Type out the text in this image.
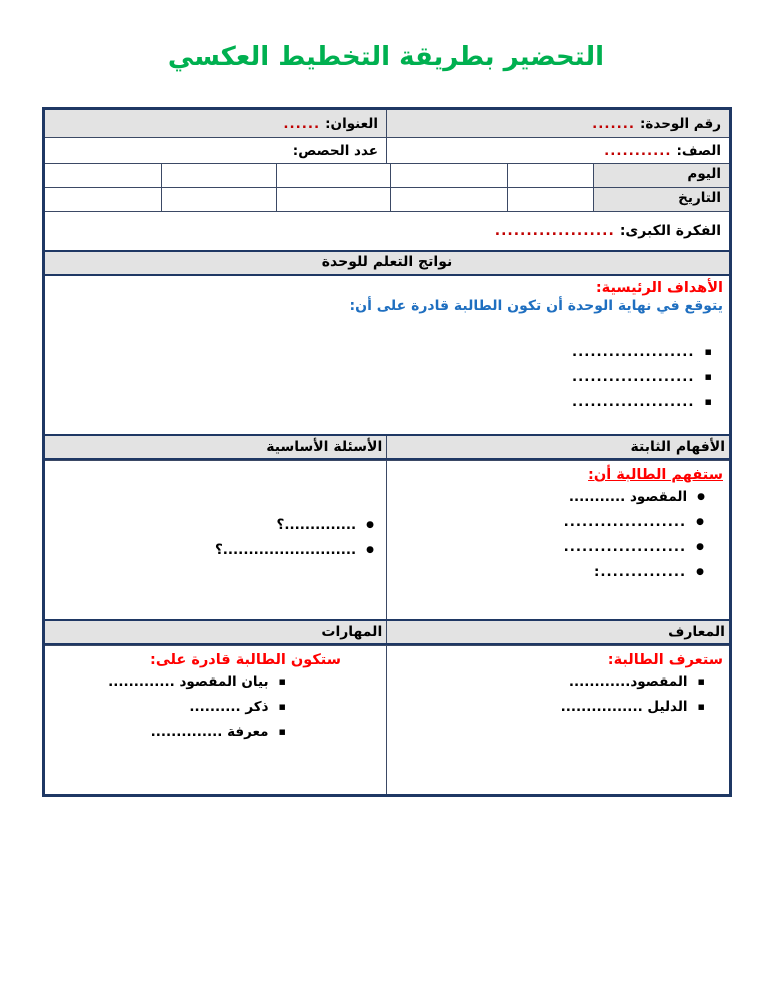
التحضير بطريقة التخطيط العكسي
رقم الوحدة:
.......
العنوان:
......
الصف:
...........
عدد الحصص:
اليوم
التاريخ
الفكرة الكبرى:
...................
نواتج التعلم للوحدة
الأهداف الرئيسية:
يتوقع في نهاية الوحدة أن تكون الطالبة قادرة على أن:
▪ ....................
▪ ....................
▪ ....................
الأفهام الثابتة
الأسئلة الأساسية
ستفهم الطالبة أن:
● المقصود ...........
● ....................
● ....................
● ..............:
● ..............؟
● ..........................؟
المعارف
المهارات
ستعرف الطالبة:
▪ المقصود............
▪ الدليل ................
ستكون الطالبة قادرة على:
▪ بيان المقصود .............
▪ ذكر ..........
▪ معرفة ..............
